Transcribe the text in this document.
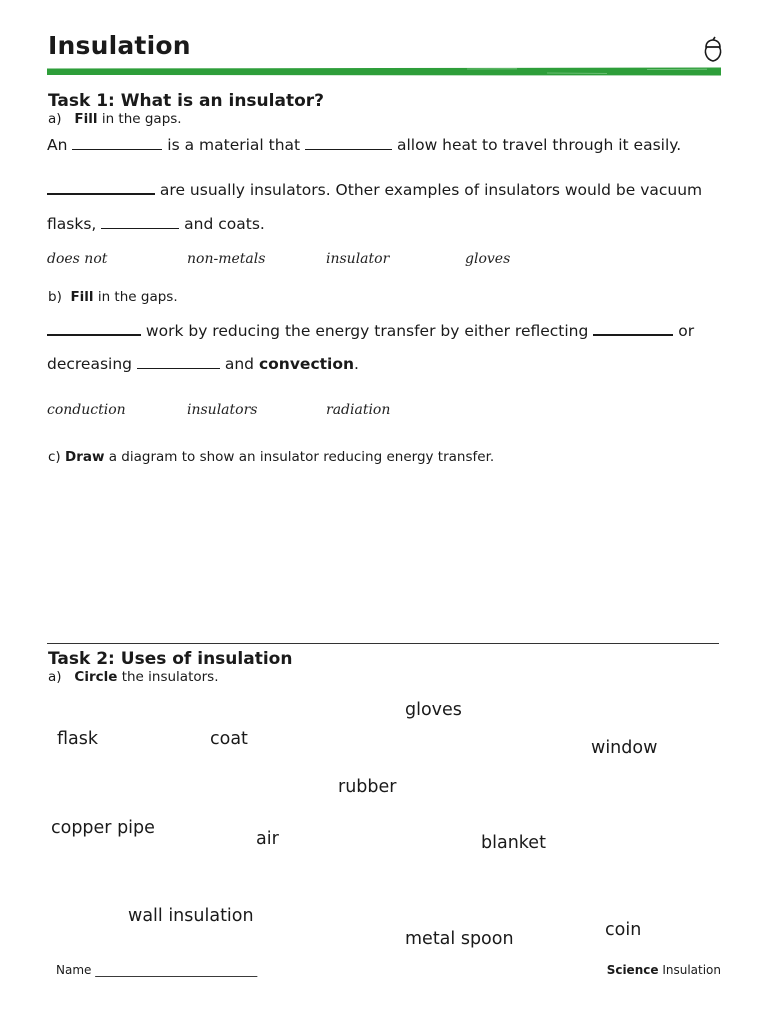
Insulation
Task 1: What is an insulator?
a) Fill in the gaps.
An	is a material that	allow heat to travel through it easily.
are usually insulators. Other examples of insulators would be vacuum
flasks,	and coats.
does not	non-metals	insulator	gloves
b) Fill in the gaps.
work by reducing the energy transfer by either reflecting	or
decreasing	and convection.
conduction	insulators	radiation
c) Draw a diagram to show an insulator reducing energy transfer.
Task 2: Uses of insulation
a) Circle the insulators.
gloves
flask	coat	window
rubber
copper pipe
air	blanket
wall insulation
coin
metal spoon
Name ___________________________	Science Insulation
